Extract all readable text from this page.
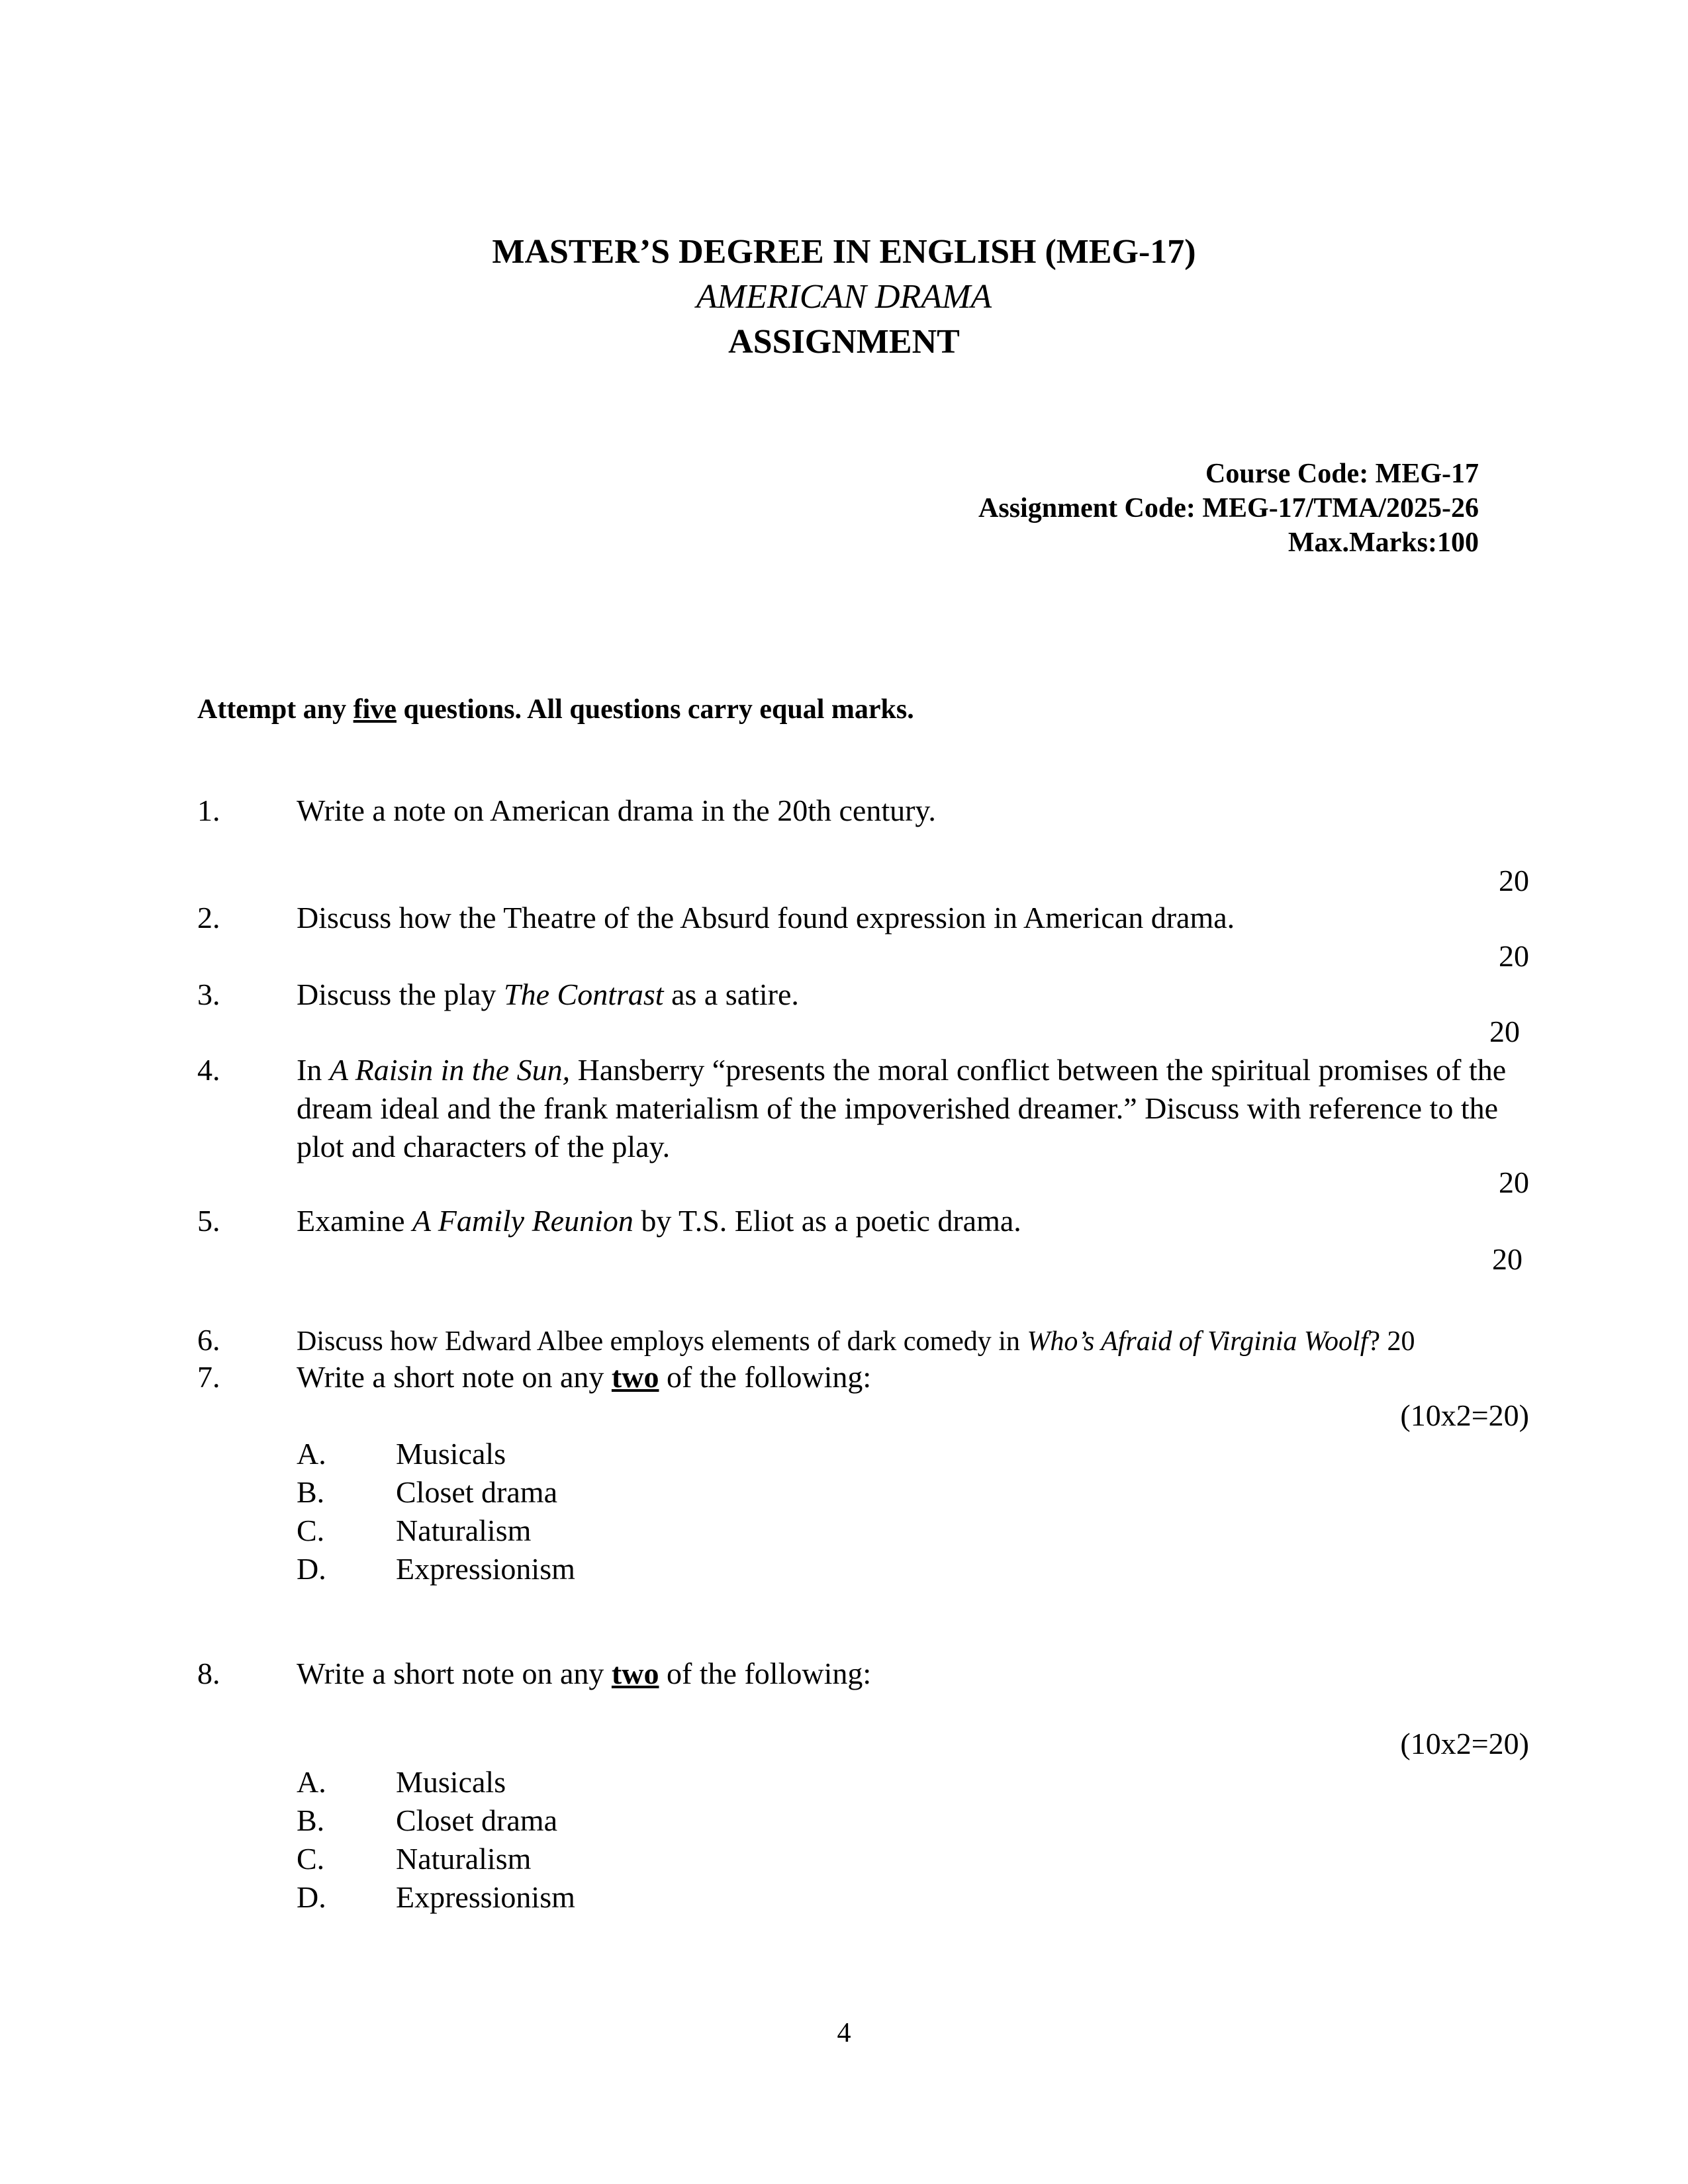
MASTER’S DEGREE IN ENGLISH (MEG-17)
AMERICAN DRAMA
ASSIGNMENT
Course Code: MEG-17
Assignment Code: MEG-17/TMA/2025-26
Max.Marks:100
Attempt any five questions. All questions carry equal marks.
1.	Write a note on American drama in the 20th century.
20
2.	Discuss how the Theatre of the Absurd found expression in American drama.
20
3.	Discuss the play The Contrast as a satire.
20
4.	In A Raisin in the Sun, Hansberry “presents the moral conflict between the spiritual promises of the dream ideal and the frank materialism of the impoverished dreamer.” Discuss with reference to the plot and characters of the play.
20
5.	Examine A Family Reunion by T.S. Eliot as a poetic drama.
20
6.	Discuss how Edward Albee employs elements of dark comedy in Who’s Afraid of Virginia Woolf? 20
7.	Write a short note on any two of the following:
(10x2=20)
A. Musicals
B. Closet drama
C. Naturalism
D. Expressionism
8.	Write a short note on any two of the following:
(10x2=20)
A. Musicals
B. Closet drama
C. Naturalism
D. Expressionism
4
